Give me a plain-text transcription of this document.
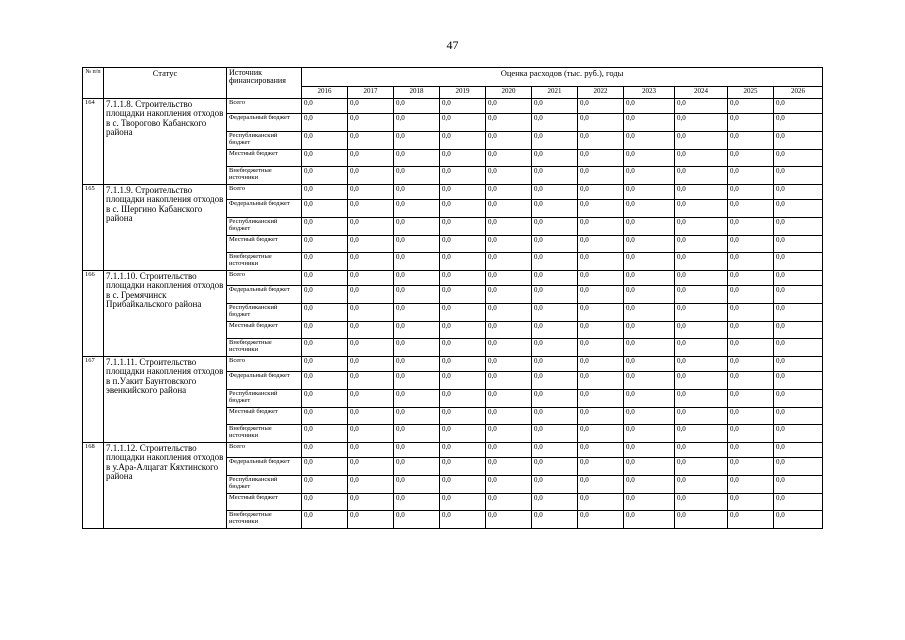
47
№ п/п	Статус	Источник финансирования	Оценка расходов (тыс. руб.), годы										
			2016	2017	2018	2019	2020	2021	2022	2023	2024	2025	2026
164	7.1.1.8. Строительство площадки накопления отходов в с. Творогово Кабанского района	Всего	0,0	0,0	0,0	0,0	0,0	0,0	0,0	0,0	0,0	0,0	0,0
		Федеральный бюджет	0,0	0,0	0,0	0,0	0,0	0,0	0,0	0,0	0,0	0,0	0,0
		Республиканский бюджет	0,0	0,0	0,0	0,0	0,0	0,0	0,0	0,0	0,0	0,0	0,0
		Местный бюджет	0,0	0,0	0,0	0,0	0,0	0,0	0,0	0,0	0,0	0,0	0,0
		Внебюджетные источники	0,0	0,0	0,0	0,0	0,0	0,0	0,0	0,0	0,0	0,0	0,0
165	7.1.1.9. Строительство площадки накопления отходов в с. Шергино Кабанского района	Всего	0,0	0,0	0,0	0,0	0,0	0,0	0,0	0,0	0,0	0,0	0,0
		Федеральный бюджет	0,0	0,0	0,0	0,0	0,0	0,0	0,0	0,0	0,0	0,0	0,0
		Республиканский бюджет	0,0	0,0	0,0	0,0	0,0	0,0	0,0	0,0	0,0	0,0	0,0
		Местный бюджет	0,0	0,0	0,0	0,0	0,0	0,0	0,0	0,0	0,0	0,0	0,0
		Внебюджетные источники	0,0	0,0	0,0	0,0	0,0	0,0	0,0	0,0	0,0	0,0	0,0
166	7.1.1.10. Строительство площадки накопления отходов в с. Гремячинск Прибайкальского района	Всего	0,0	0,0	0,0	0,0	0,0	0,0	0,0	0,0	0,0	0,0	0,0
		Федеральный бюджет	0,0	0,0	0,0	0,0	0,0	0,0	0,0	0,0	0,0	0,0	0,0
		Республиканский бюджет	0,0	0,0	0,0	0,0	0,0	0,0	0,0	0,0	0,0	0,0	0,0
		Местный бюджет	0,0	0,0	0,0	0,0	0,0	0,0	0,0	0,0	0,0	0,0	0,0
		Внебюджетные источники	0,0	0,0	0,0	0,0	0,0	0,0	0,0	0,0	0,0	0,0	0,0
167	7.1.1.11. Строительство площадки накопления отходов в п.Уакит Баунтовского эвенкийского района	Всего	0,0	0,0	0,0	0,0	0,0	0,0	0,0	0,0	0,0	0,0	0,0
		Федеральный бюджет	0,0	0,0	0,0	0,0	0,0	0,0	0,0	0,0	0,0	0,0	0,0
		Республиканский бюджет	0,0	0,0	0,0	0,0	0,0	0,0	0,0	0,0	0,0	0,0	0,0
		Местный бюджет	0,0	0,0	0,0	0,0	0,0	0,0	0,0	0,0	0,0	0,0	0,0
		Внебюджетные источники	0,0	0,0	0,0	0,0	0,0	0,0	0,0	0,0	0,0	0,0	0,0
168	7.1.1.12. Строительство площадки накопления отходов в у.Ара-Алцагат Кяхтинского района	Всего	0,0	0,0	0,0	0,0	0,0	0,0	0,0	0,0	0,0	0,0	0,0
		Федеральный бюджет	0,0	0,0	0,0	0,0	0,0	0,0	0,0	0,0	0,0	0,0	0,0
		Республиканский бюджет	0,0	0,0	0,0	0,0	0,0	0,0	0,0	0,0	0,0	0,0	0,0
		Местный бюджет	0,0	0,0	0,0	0,0	0,0	0,0	0,0	0,0	0,0	0,0	0,0
		Внебюджетные источники	0,0	0,0	0,0	0,0	0,0	0,0	0,0	0,0	0,0	0,0	0,0
